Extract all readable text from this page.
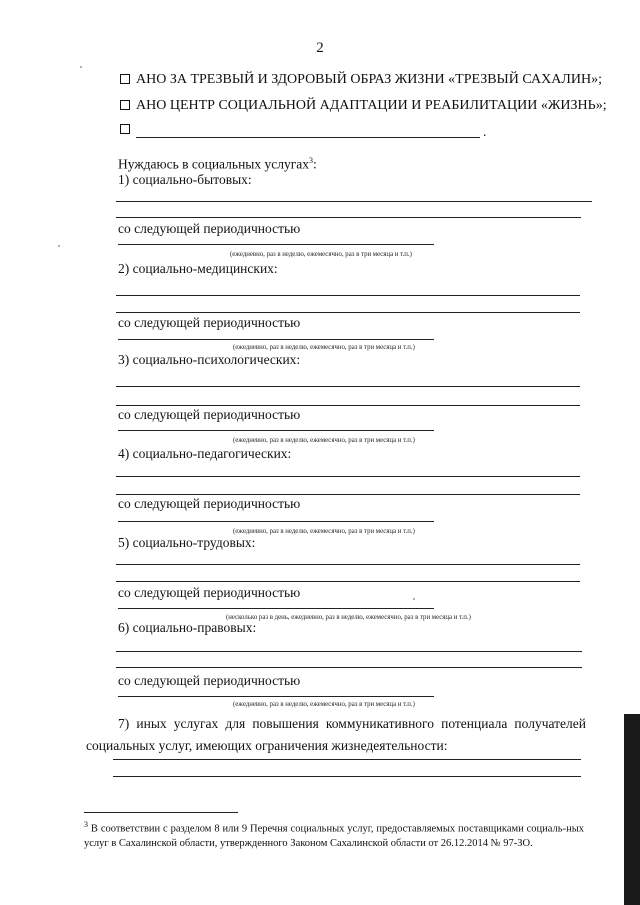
2
АНО ЗА ТРЕЗВЫЙ И ЗДОРОВЫЙ ОБРАЗ ЖИЗНИ «ТРЕЗВЫЙ САХАЛИН»;
АНО ЦЕНТР СОЦИАЛЬНОЙ АДАПТАЦИИ И РЕАБИЛИТАЦИИ «ЖИЗНЬ»;
.
Нуждаюсь в социальных услугах$^3$:
1) социально-бытовых:
со следующей периодичностью
(ежедневно, раз в неделю, ежемесячно, раз в три месяца и т.п.)
2) социально-медицинских:
со следующей периодичностью
(ежедневно, раз в неделю, ежемесячно, раз в три месяца и т.п.)
3) социально-психологических:
со следующей периодичностью
(ежедневно, раз в неделю, ежемесячно, раз в три месяца и т.п.)
4) социально-педагогических:
со следующей периодичностью
(ежедневно, раз в неделю, ежемесячно, раз в три месяца и т.п.)
5) социально-трудовых:
со следующей периодичностью
(несколько раз в день, ежедневно, раз в неделю, ежемесячно, раз в три месяца и т.п.)
6) социально-правовых:
со следующей периодичностью
(ежедневно, раз в неделю, ежемесячно, раз в три месяца и т.п.)
7) иных услугах для повышения коммуникативного потенциала получателей социальных услуг, имеющих ограничения жизнедеятельности:
$^3$ В соответствии с разделом 8 или 9 Перечня социальных услуг, предоставляемых поставщиками социаль-ных услуг в Сахалинской области, утвержденного Законом Сахалинской области от 26.12.2014 № 97-ЗО.
